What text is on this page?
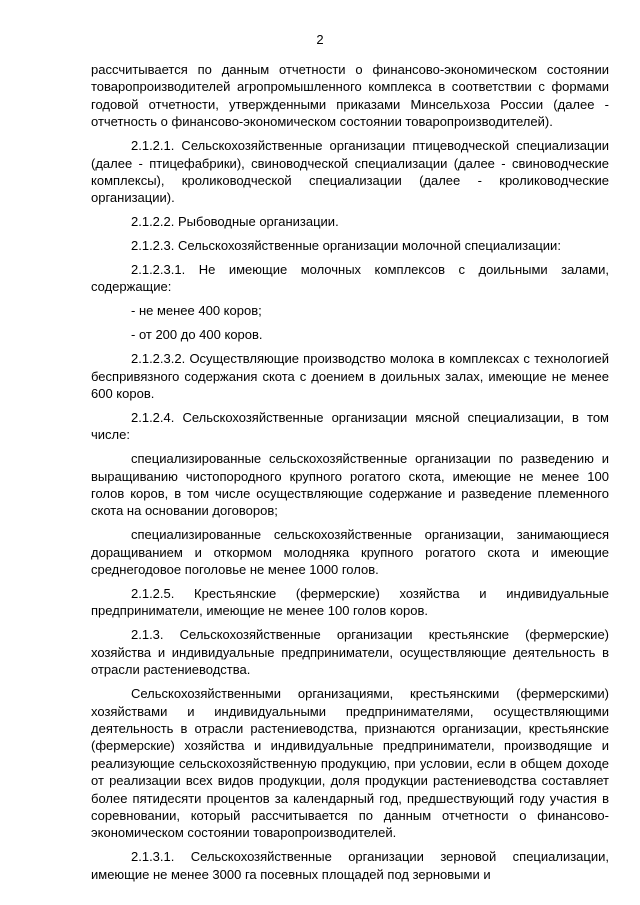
2

рассчитывается по данным отчетности о финансово-экономическом состоянии товаропроизводителей агропромышленного комплекса в соответствии с формами годовой отчетности, утвержденными приказами Минсельхоза России (далее - отчетность о финансово-экономическом состоянии товаропроизводителей).

2.1.2.1. Сельскохозяйственные организации птицеводческой специализации (далее - птицефабрики), свиноводческой специализации (далее - свиноводческие комплексы), кролиководческой специализации (далее - кролиководческие организации).

2.1.2.2. Рыбоводные организации.

2.1.2.3. Сельскохозяйственные организации молочной специализации:

2.1.2.3.1. Не имеющие молочных комплексов с доильными залами, содержащие:

- не менее 400 коров;

- от 200 до 400 коров.

2.1.2.3.2. Осуществляющие производство молока в комплексах с технологией беспривязного содержания скота с доением в доильных залах, имеющие не менее 600 коров.

2.1.2.4. Сельскохозяйственные организации мясной специализации, в том числе:

специализированные сельскохозяйственные организации по разведению и выращиванию чистопородного крупного рогатого скота, имеющие не менее 100 голов коров, в том числе осуществляющие содержание и разведение племенного скота на основании договоров;

специализированные сельскохозяйственные организации, занимающиеся доращиванием и откормом молодняка крупного рогатого скота и имеющие среднегодовое поголовье не менее 1000 голов.

2.1.2.5. Крестьянские (фермерские) хозяйства и индивидуальные предприниматели, имеющие не менее 100 голов коров.

2.1.3. Сельскохозяйственные организации крестьянские (фермерские) хозяйства и индивидуальные предприниматели, осуществляющие деятельность в отрасли растениеводства.

Сельскохозяйственными организациями, крестьянскими (фермерскими) хозяйствами и индивидуальными предпринимателями, осуществляющими деятельность в отрасли растениеводства, признаются организации, крестьянские (фермерские) хозяйства и индивидуальные предприниматели, производящие и реализующие сельскохозяйственную продукцию, при условии, если в общем доходе от реализации всех видов продукции, доля продукции растениеводства составляет более пятидесяти процентов за календарный год, предшествующий году участия в соревновании, который рассчитывается по данным отчетности о финансово-экономическом состоянии товаропроизводителей.

2.1.3.1. Сельскохозяйственные организации зерновой специализации, имеющие не менее 3000 га посевных площадей под зерновыми и
